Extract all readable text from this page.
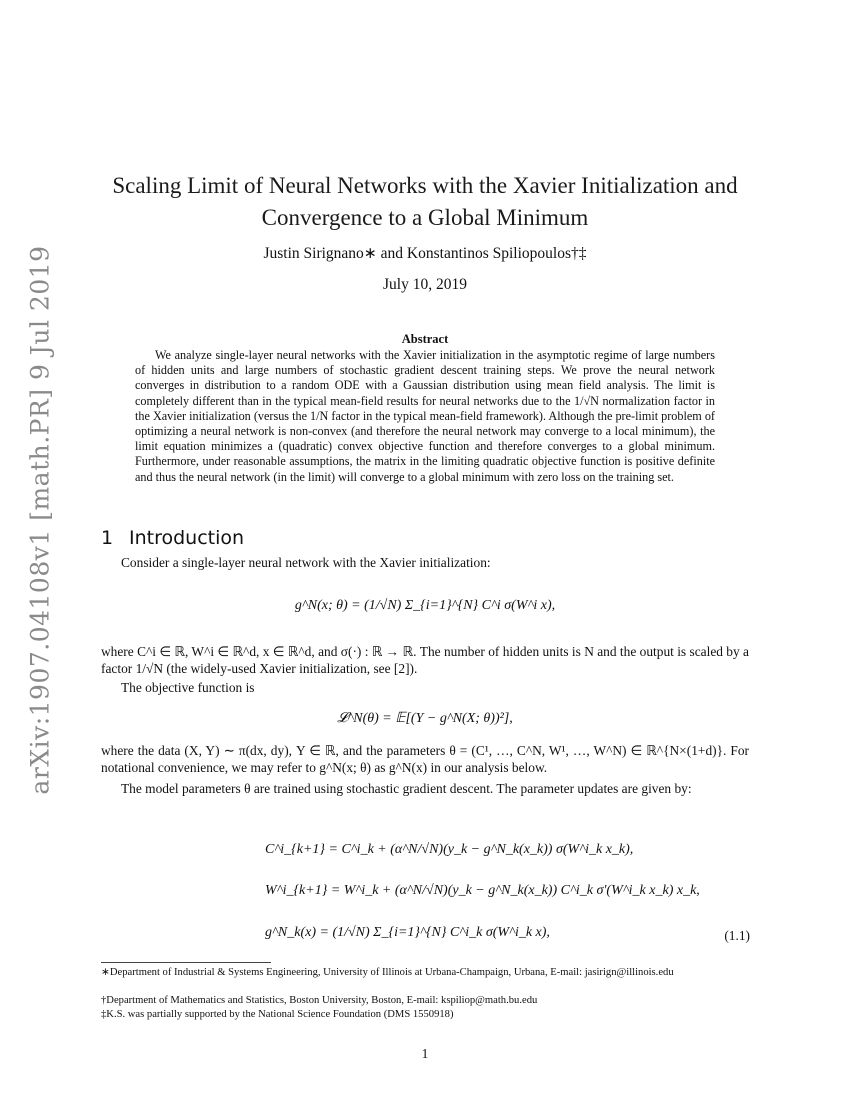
arXiv:1907.04108v1 [math.PR] 9 Jul 2019
Scaling Limit of Neural Networks with the Xavier Initialization and
Convergence to a Global Minimum
Justin Sirignano∗ and Konstantinos Spiliopoulos†‡
July 10, 2019
Abstract
We analyze single-layer neural networks with the Xavier initialization in the asymptotic regime of large numbers of hidden units and large numbers of stochastic gradient descent training steps. We prove the neural network converges in distribution to a random ODE with a Gaussian distribution using mean field analysis. The limit is completely different than in the typical mean-field results for neural networks due to the 1/√N normalization factor in the Xavier initialization (versus the 1/N factor in the typical mean-field framework). Although the pre-limit problem of optimizing a neural network is non-convex (and therefore the neural network may converge to a local minimum), the limit equation minimizes a (quadratic) convex objective function and therefore converges to a global minimum. Furthermore, under reasonable assumptions, the matrix in the limiting quadratic objective function is positive definite and thus the neural network (in the limit) will converge to a global minimum with zero loss on the training set.
1 Introduction
Consider a single-layer neural network with the Xavier initialization:
g^N(x; θ) = (1/√N) Σ_{i=1}^{N} C^i σ(W^i x),
where C^i ∈ ℝ, W^i ∈ ℝ^d, x ∈ ℝ^d, and σ(·) : ℝ → ℝ. The number of hidden units is N and the output is scaled by a factor 1/√N (the widely-used Xavier initialization, see [2]).
The objective function is
𝓛^N(θ) = 𝔼[(Y − g^N(X; θ))²],
where the data (X, Y) ∼ π(dx, dy), Y ∈ ℝ, and the parameters θ = (C¹, …, C^N, W¹, …, W^N) ∈ ℝ^{N×(1+d)}. For notational convenience, we may refer to g^N(x; θ) as g^N(x) in our analysis below.
The model parameters θ are trained using stochastic gradient descent. The parameter updates are given by:
C^i_{k+1} = C^i_k + (α^N/√N)(y_k − g^N_k(x_k)) σ(W^i_k x_k),
W^i_{k+1} = W^i_k + (α^N/√N)(y_k − g^N_k(x_k)) C^i_k σ′(W^i_k x_k) x_k,
g^N_k(x) = (1/√N) Σ_{i=1}^{N} C^i_k σ(W^i_k x),	(1.1)
∗Department of Industrial & Systems Engineering, University of Illinois at Urbana-Champaign, Urbana, E-mail: jasirign@illinois.edu
†Department of Mathematics and Statistics, Boston University, Boston, E-mail: kspiliop@math.bu.edu
‡K.S. was partially supported by the National Science Foundation (DMS 1550918)
1
